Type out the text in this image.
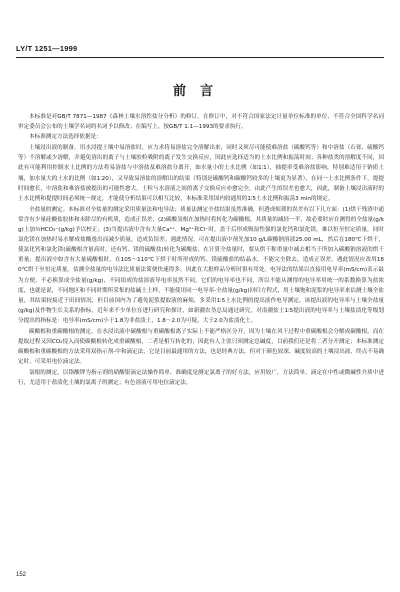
LY/T 1251—1999
前言

本标准是对GB/T 7871—1987《森林土壤水溶性盐分分析》的修订。在修订中，对不符合国家法定计量单位标准的单位、不符合全国科学名词审定委员会公布的土壤学名词的名词予以修改；在编写上，按GB/T 1.1—1993的要求执行。

本标准测定方法选择依据是：

土壤浸出液的制备。用水浸提土壤中易溶盐时，应力求将易溶盐完全溶解出来，同时又须尽可能使难溶盐（碳酸钙等）和中溶盐（石膏、硫酸钙等）不溶解或少溶解，并避免溶出的离子与土壤胶粒吸附的离子发生交换反应，因此应选择适当的土水比例和振荡时间；各种盐类的溶解度不同，因此有可能利用控制水土比例的方法将易溶盐与中溶盐及难溶盐分离开，如水量小的土水比例（如1∶1），抽提率受难溶盐影响，特别难适用于钠质土壤，加水量大的土水的比例（如1∶20），又导致易溶盐的溶解出的结果（特别是碳酸钙和碳酸钙较多的土壤更为显著），在同一土水比例条件下，提提时间愈长，中溶盐和难溶盐被提出的可能性愈大，土粒与水溶液之间的离子交换反应亦愈完全，由此产生的误差也愈大，因此，制备土壤浸出液时的土水比例和提提时间必须统一规定，才能使分析结果可以相互比较，本标准采用国内较通用的1∶5土水比例和振荡3 min的规定。

全盐量的测定。本标准对全盐量的测定采用质量法和电导法；质量法测定全盐结果虽然准确，但透成烦琐的误差有以下几方面：(1)烘干残渣中通常含有少量硅酸盐胶体和未除尽的有机质，造成正误差；(2)碳酸氢根在加热时将转化为碳酸根，其质量的减轻一半，故必要时应在测得的全盐量(g/kg)上加½HCO₃⁻(g/kg)予以校正；(3)当提出液中含有大量Ca²⁺、Mg²⁺和Cl⁻时，盖干后形成吸湿性强的氯化钙和氯化镁，难以恒至恒定质量，同时氯化镁在加热时易水解成盐酸逸出而减少质量，造成负误差。遇此情况，可在提出液中预先加10 g/L碳酸钠溶液25.00 mL，然后在180℃下烘干，使氯化钙和氯化镁(硫酸根含量高时，还有钙、镁的硫酸盐)转化为碳酸盐。在计算全盐量时，要从烘干称重量中减去相当于所加入碳酸钠溶液的烘干重量；提出液中如含有大量硫酸根时，在105～110℃下烘干时所形成的钙、镁硫酸盐的结晶水，不能完全除去，造成正误差，遇此情况应改用180℃烘干至恒定质量。估测全盐量的电导法比质量法简便快速得多，因此在大批样品分析时很有用处。电导法的结果以直接用电导率(mS/cm)表示最为方便，不必换算成全盐量(g/kg)，不同组成的盐溶液导电率虽然不同，它们的电导率也不同，所以不能从测得的电导率用统一的系数换算为盐浓度，也就是说，不同地区和不同时期所采集的盐碱土土样，不能使用同一电导率-全盐量(g/kg)回归方程式，用土壤饱和泥浆的电导率来估测土壤全盐量，其结果较接近于田间情况，但目前国内为了避免泥浆提取液的麻烦，多采用1∶5土水比例的提出液作电导测定，该提出液的电导率与土壤全盐量(g/kg)及作物生长关系的指标，近年来不少单位在进行研究和探讨，如新疆农垦总局通过研究，对南疆盐土1∶5提出液的电导率与土壤盐渍化等级划分提出的指标是：电导率(mS/cm)小于1.8为非盐渍土，1.8～2.0为可疑，大于2.0为盐渍化土。

碳酸根和重碳酸根的测定，在水浸出液中碳酸根与重碳酸根离子实际上不能严格区分开，因为土壤在风干过程中重碳酸根会分解成碳酸根，而在提取过程又因CO₂侵入而使碳酸根转化成重碳酸根，二者是相互转化的；因此有人主张只须测定总碱度，目前我们还是将二者分开测定；本标准测定碳酸根和重碳酸根的方法采用双指示剂-中和滴定法，它是目前最通用的方法，也是经典方法，但对于颜色较深、碱度较高的土壤浸出液，终点不易确定时，可采用电位滴定法。

氯根的测定，以铬酸钾为指示剂的硝酸银滴定法操作简单、准确度是测定氯离子的好方法，应用较广，方法简单，滴定在中性或微碱性介质中进行，尤适用于盐渍化土壤的氯离子的测定；有色溶液可用电位滴定法。

152
